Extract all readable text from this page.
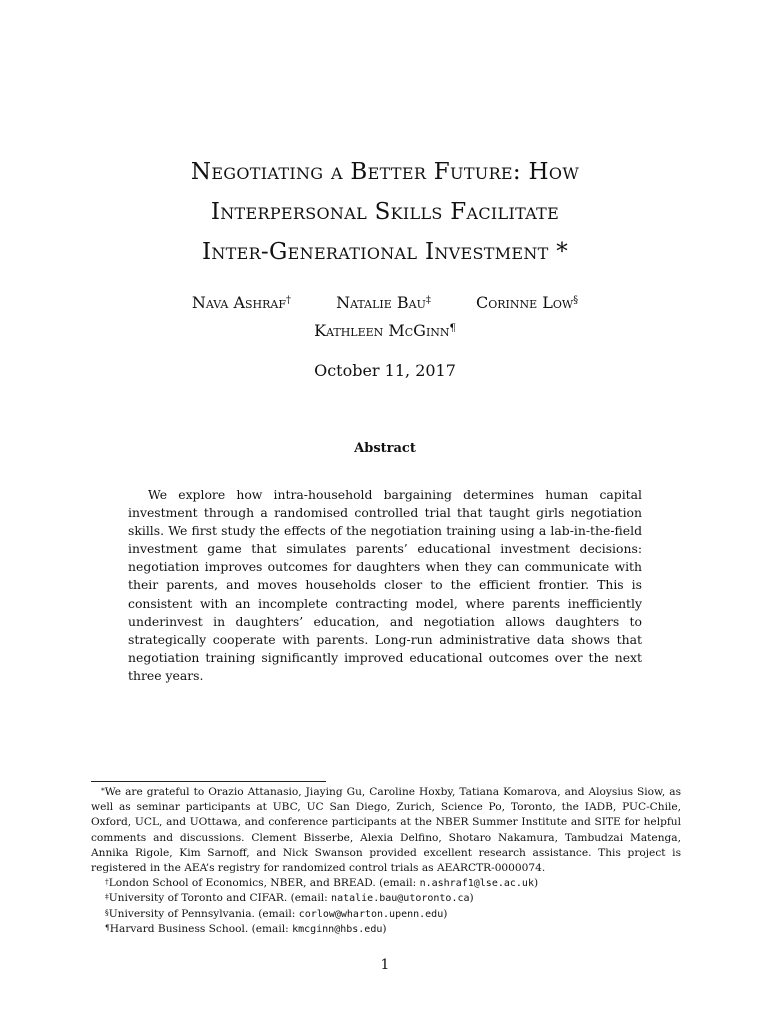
Negotiating a Better Future: How
Interpersonal Skills Facilitate
Inter-Generational Investment *
Nava Ashraf†	Natalie Bau‡	Corinne Low§
Kathleen McGinn¶
October 11, 2017
Abstract

We explore how intra-household bargaining determines human capital investment through a randomised controlled trial that taught girls negotiation skills. We first study the effects of the negotiation training using a lab-in-the-field investment game that simulates parents’ educational investment decisions: negotiation improves outcomes for daughters when they can communicate with their parents, and moves households closer to the efficient frontier. This is consistent with an incomplete contracting model, where parents inefficiently underinvest in daughters’ education, and negotiation allows daughters to strategically cooperate with parents. Long-run administrative data shows that negotiation training significantly improved educational outcomes over the next three years.

*We are grateful to Orazio Attanasio, Jiaying Gu, Caroline Hoxby, Tatiana Komarova, and Aloysius Siow, as well as seminar participants at UBC, UC San Diego, Zurich, Science Po, Toronto, the IADB, PUC-Chile, Oxford, UCL, and UOttawa, and conference participants at the NBER Summer Institute and SITE for helpful comments and discussions. Clement Bisserbe, Alexia Delfino, Shotaro Nakamura, Tambudzai Matenga, Annika Rigole, Kim Sarnoff, and Nick Swanson provided excellent research assistance. This project is registered in the AEA’s registry for randomized control trials as AEARCTR-0000074.

†London School of Economics, NBER, and BREAD. (email: n.ashraf1@lse.ac.uk)

‡University of Toronto and CIFAR. (email: natalie.bau@utoronto.ca)

§University of Pennsylvania. (email: corlow@wharton.upenn.edu)

¶Harvard Business School. (email: kmcginn@hbs.edu)

1
